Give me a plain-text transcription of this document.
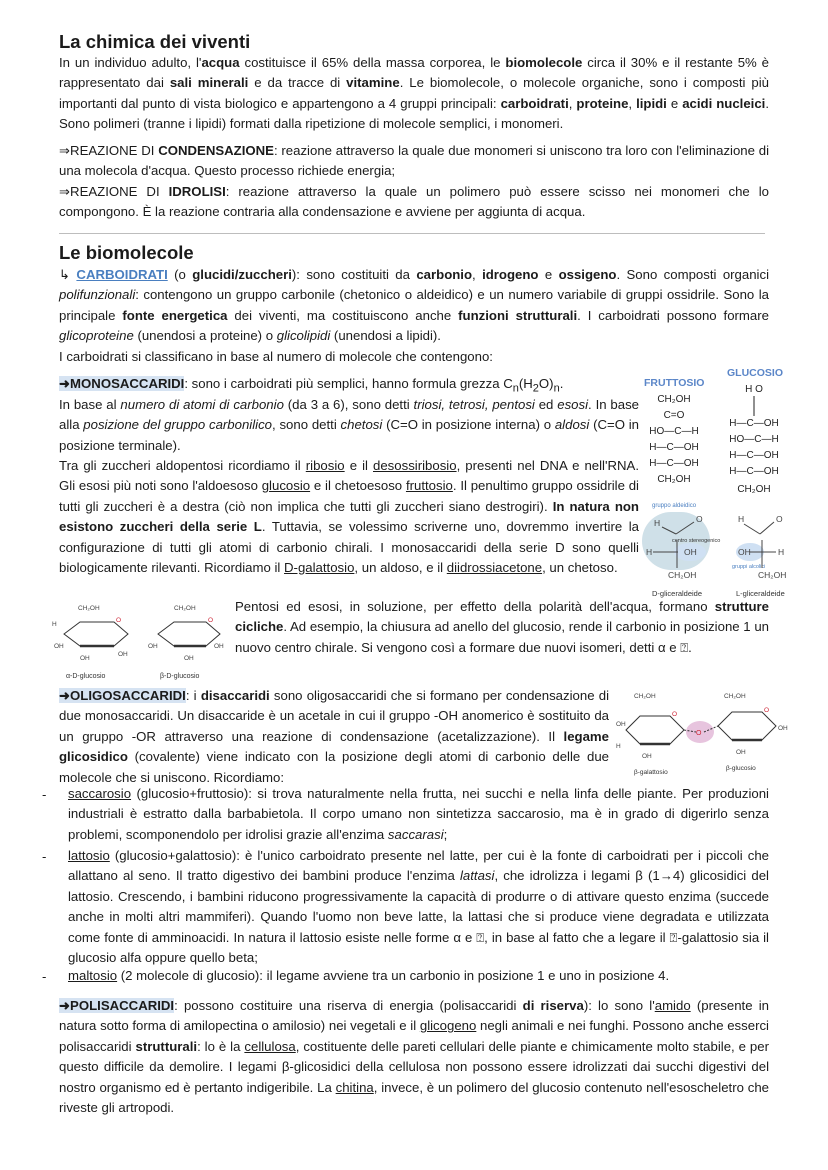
La chimica dei viventi

In un individuo adulto, l'acqua costituisce il 65% della massa corporea, le biomolecole circa il 30% e il restante 5% è rappresentato dai sali minerali e da tracce di vitamine. Le biomolecole, o molecole organiche, sono i composti più importanti dal punto di vista biologico e appartengono a 4 gruppi principali: carboidrati, proteine, lipidi e acidi nucleici. Sono polimeri (tranne i lipidi) formati dalla ripetizione di molecole semplici, i monomeri.

⇒REAZIONE DI CONDENSAZIONE: reazione attraverso la quale due monomeri si uniscono tra loro con l'eliminazione di una molecola d'acqua. Questo processo richiede energia;

⇒REAZIONE DI IDROLISI: reazione attraverso la quale un polimero può essere scisso nei monomeri che lo compongono. È la reazione contraria alla condensazione e avviene per aggiunta di acqua.

Le biomolecole

↳ CARBOIDRATI (o glucidi/zuccheri): sono costituiti da carbonio, idrogeno e ossigeno. Sono composti organici polifunzionali: contengono un gruppo carbonile (chetonico o aldeidico) e un numero variabile di gruppi ossidrile. Sono la principale fonte energetica dei viventi, ma costituiscono anche funzioni strutturali. I carboidrati possono formare glicoproteine (unendosi a proteine) o glicolipidi (unendosi a lipidi).

I carboidrati si classificano in base al numero di molecole che contengono:

➜MONOSACCARIDI: sono i carboidrati più semplici, hanno formula grezza $C_n(H_2O)_n$.

In base al numero di atomi di carbonio (da 3 a 6), sono detti triosi, tetrosi, pentosi ed esosi. In base alla posizione del gruppo carbonilico, sono detti chetosi (C=O in posizione interna) o aldosi (C=O in posizione terminale).

Tra gli zuccheri aldopentosi ricordiamo il ribosio e il desossiribosio, presenti nel DNA e nell'RNA. Gli esosi più noti sono l'aldoesoso glucosio e il chetoesoso fruttosio. Il penultimo gruppo ossidrile di tutti gli zuccheri è a destra (ciò non implica che tutti gli zuccheri siano destrogiri). In natura non esistono zuccheri della serie L. Tuttavia, se volessimo scriverne uno, dovremmo invertire la configurazione di tutti gli atomi di carbonio chirali. I monosaccaridi della serie D sono quelli biologicamente rilevanti. Ricordiamo il D-galattosio, un aldoso, e il diidrossiacetone, un chetoso.

Pentosi ed esosi, in soluzione, per effetto della polarità dell'acqua, formano strutture cicliche. Ad esempio, la chiusura ad anello del glucosio, rende il carbonio in posizione 1 un nuovo centro chirale. Si vengono così a formare due nuovi isomeri, detti α e ⍰.

➜OLIGOSACCARIDI: i disaccaridi sono oligosaccaridi che si formano per condensazione di due monosaccaridi. Un disaccaride è un acetale in cui il gruppo -OH anomerico è sostituito da un gruppo -OR attraverso una reazione di condensazione (acetalizzazione). Il legame glicosidico (covalente) viene indicato con la posizione degli atomi di carbonio delle due molecole che si uniscono. Ricordiamo:

- saccarosio (glucosio+fruttosio): si trova naturalmente nella frutta, nei succhi e nella linfa delle piante. Per produzioni industriali è estratto dalla barbabietola. Il corpo umano non sintetizza saccarosio, ma è in grado di digerirlo senza problemi, scomponendolo per idrolisi grazie all'enzima saccarasi;

- lattosio (glucosio+galattosio): è l'unico carboidrato presente nel latte, per cui è la fonte di carboidrati per i piccoli che allattano al seno. Il tratto digestivo dei bambini produce l'enzima lattasi, che idrolizza i legami β (1→4) glicosidici del lattosio. Crescendo, i bambini riducono progressivamente la capacità di produrre o di attivare questo enzima (succede anche in molti altri mammiferi). Quando l'uomo non beve latte, la lattasi che si produce viene degradata e utilizzata come fonte di amminoacidi. In natura il lattosio esiste nelle forme α e ⍰, in base al fatto che a legare il ⍰-galattosio sia il glucosio alfa oppure quello beta;

- maltosio (2 molecole di glucosio): il legame avviene tra un carbonio in posizione 1 e uno in posizione 4.

➜POLISACCARIDI: possono costituire una riserva di energia (polisaccaridi di riserva): lo sono l'amido (presente in natura sotto forma di amilopectina o amilosio) nei vegetali e il glicogeno negli animali e nei funghi. Possono anche esserci polisaccaridi strutturali: lo è la cellulosa, costituente delle pareti cellulari delle piante e chimicamente molto stabile, e per questo difficile da demolire. I legami β-glicosidici della cellulosa non possono essere idrolizzati dai succhi digestivi del nostro organismo ed è pertanto indigeribile. La chitina, invece, è un polimero del glucosio contenuto nell'esoscheletro che riveste gli artropodi.

FRUTTOSIO
GLUCOSIO
CH₂OH
C=O
HO—C—H
H—C—OH
H—C—OH
CH₂OH
H O
H—C—OH
HO—C—H
H—C—OH
H—C—OH
CH₂OH
gruppo aldeidico
centro stereogenico
gruppi alcolici
H	O
H	OH
CH₂OH
H	O
OH	H
CH₂OH
D-gliceraldeide	L-gliceraldeide
CH₂OH
O
H
OH
OH
OH
α-D-glucosio
CH₂OH
O
OH
OH
OH
β-D-glucosio
CH₂OH
OH
O
OH
H
β-galattosio
O
CH₂OH
O
OH
OH
β-glucosio
